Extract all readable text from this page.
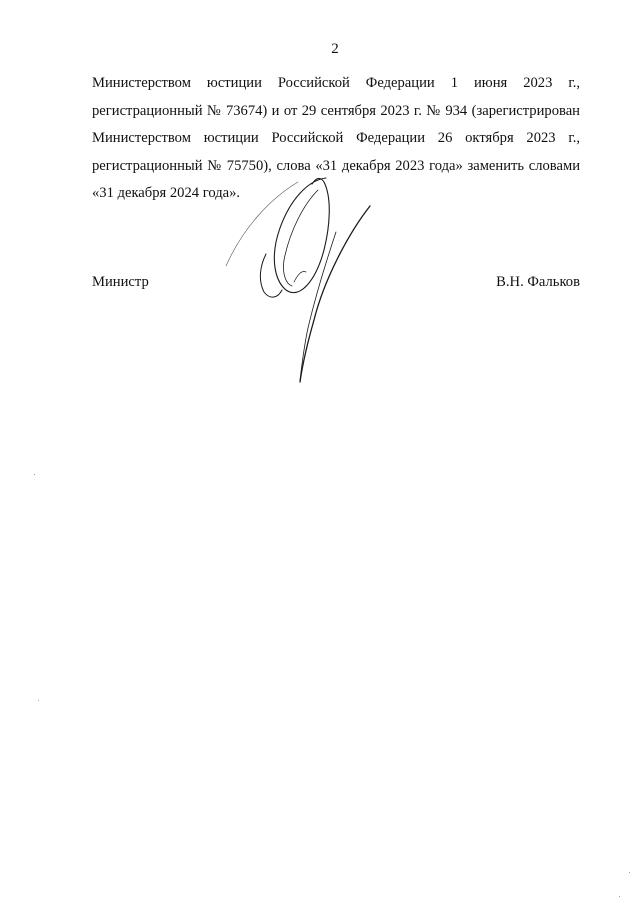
2
Министерством юстиции Российской Федерации 1 июня 2023 г.,
регистрационный № 73674) и от 29 сентября 2023 г. № 934 (зарегистрирован
Министерством юстиции Российской Федерации 26 октября 2023 г.,
регистрационный № 75750), слова «31 декабря 2023 года» заменить словами
«31 декабря 2024 года».
Министр	В.Н. Фальков
